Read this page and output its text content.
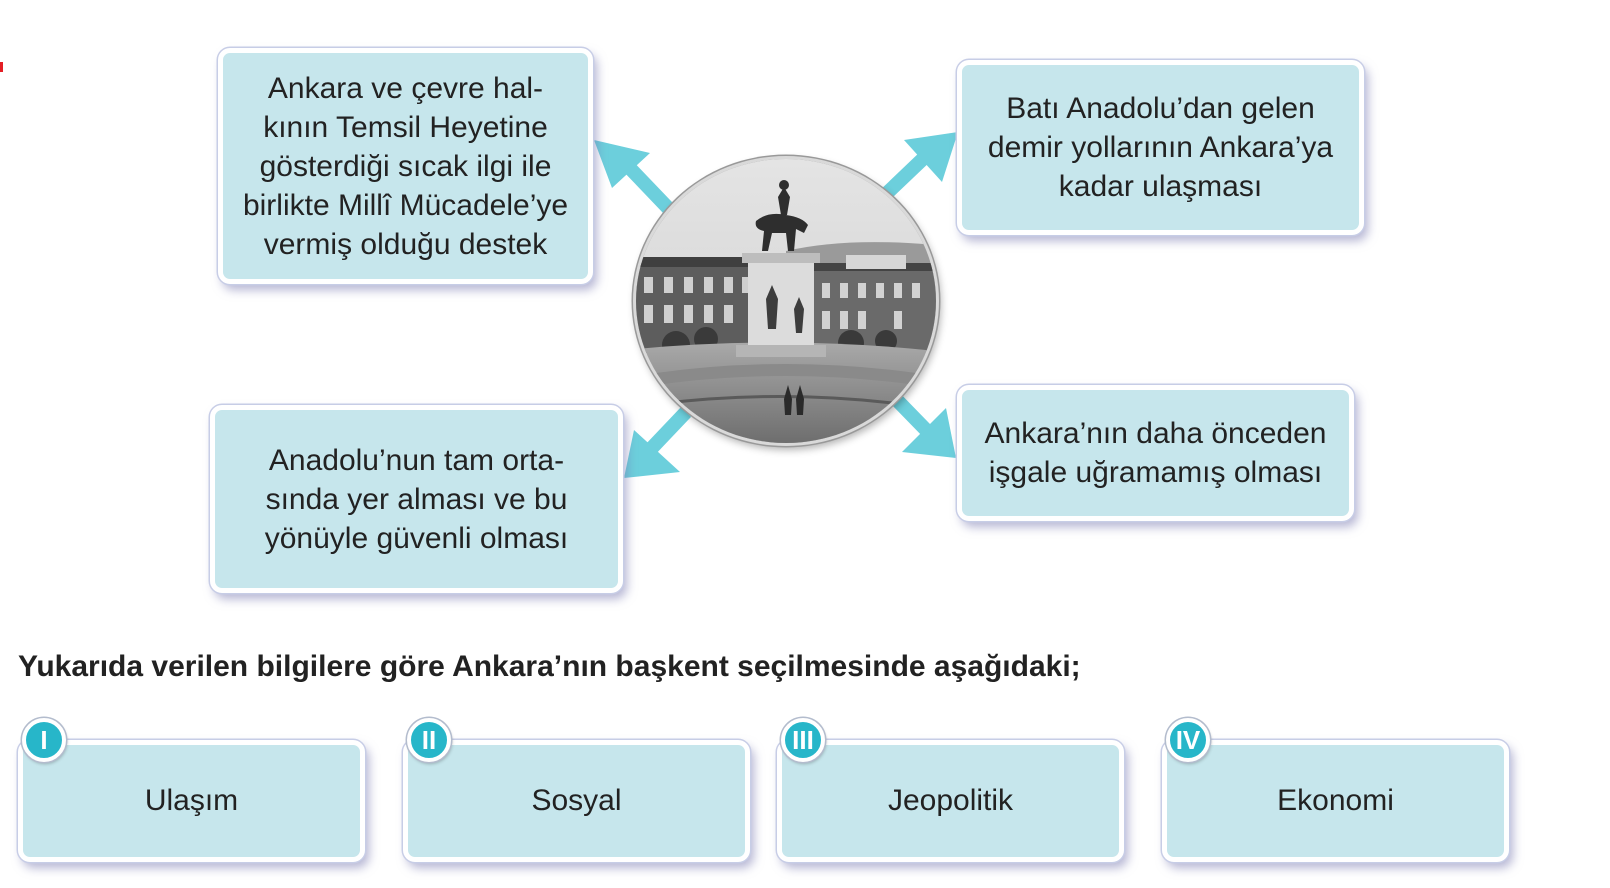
Ankara ve çevre hal-
kının Temsil Heyetine
gösterdiği sıcak ilgi ile
birlikte Millî Mücadele’ye
vermiş olduğu destek
Batı Anadolu’dan gelen
demir yollarının Ankara’ya
kadar ulaşması
Anadolu’nun tam orta-
sında yer alması ve bu
yönüyle güvenli olması
Ankara’nın daha önceden
işgale uğramamış olması

Yukarıda verilen bilgilere göre Ankara’nın başkent seçilmesinde aşağıdaki;

Ulaşım
I
Sosyal
II
Jeopolitik
III
Ekonomi
IV
